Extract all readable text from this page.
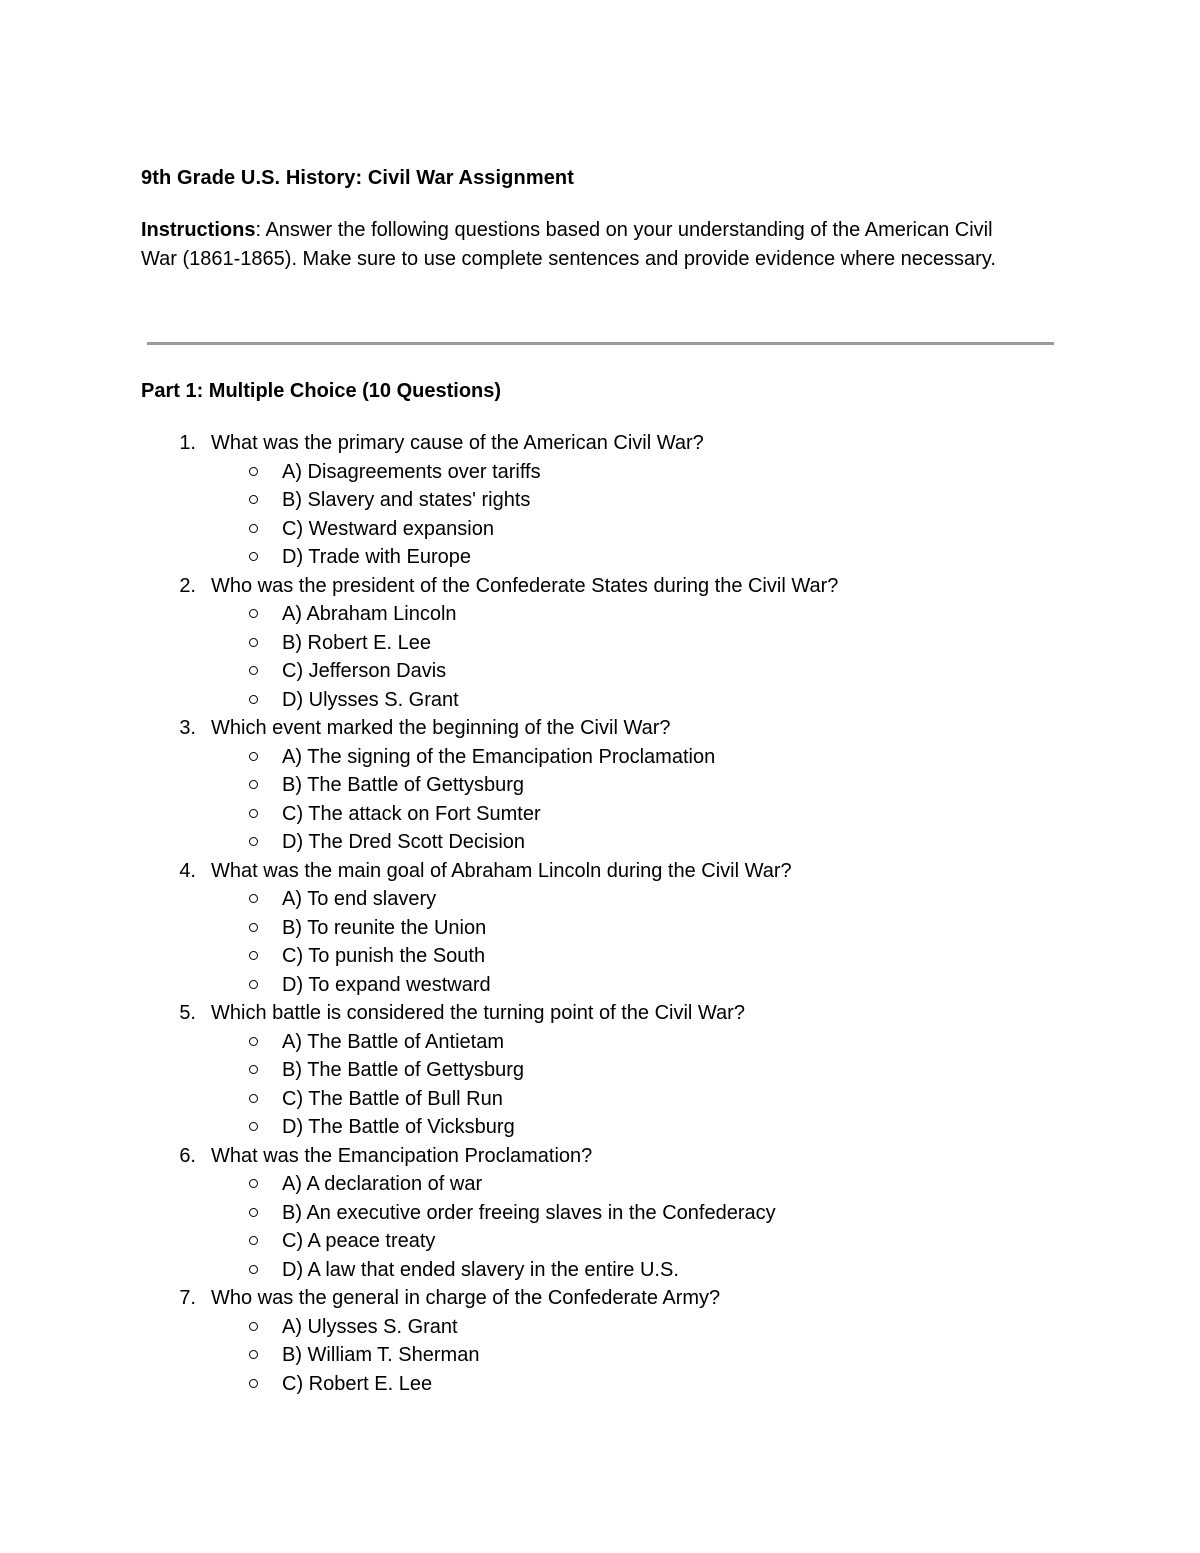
9th Grade U.S. History: Civil War Assignment

Instructions: Answer the following questions based on your understanding of the American Civil War (1861-1865). Make sure to use complete sentences and provide evidence where necessary.

Part 1: Multiple Choice (10 Questions)
1. What was the primary cause of the American Civil War?
A) Disagreements over tariffs
B) Slavery and states' rights
C) Westward expansion
D) Trade with Europe
2. Who was the president of the Confederate States during the Civil War?
A) Abraham Lincoln
B) Robert E. Lee
C) Jefferson Davis
D) Ulysses S. Grant
3. Which event marked the beginning of the Civil War?
A) The signing of the Emancipation Proclamation
B) The Battle of Gettysburg
C) The attack on Fort Sumter
D) The Dred Scott Decision
4. What was the main goal of Abraham Lincoln during the Civil War?
A) To end slavery
B) To reunite the Union
C) To punish the South
D) To expand westward
5. Which battle is considered the turning point of the Civil War?
A) The Battle of Antietam
B) The Battle of Gettysburg
C) The Battle of Bull Run
D) The Battle of Vicksburg
6. What was the Emancipation Proclamation?
A) A declaration of war
B) An executive order freeing slaves in the Confederacy
C) A peace treaty
D) A law that ended slavery in the entire U.S.
7. Who was the general in charge of the Confederate Army?
A) Ulysses S. Grant
B) William T. Sherman
C) Robert E. Lee
